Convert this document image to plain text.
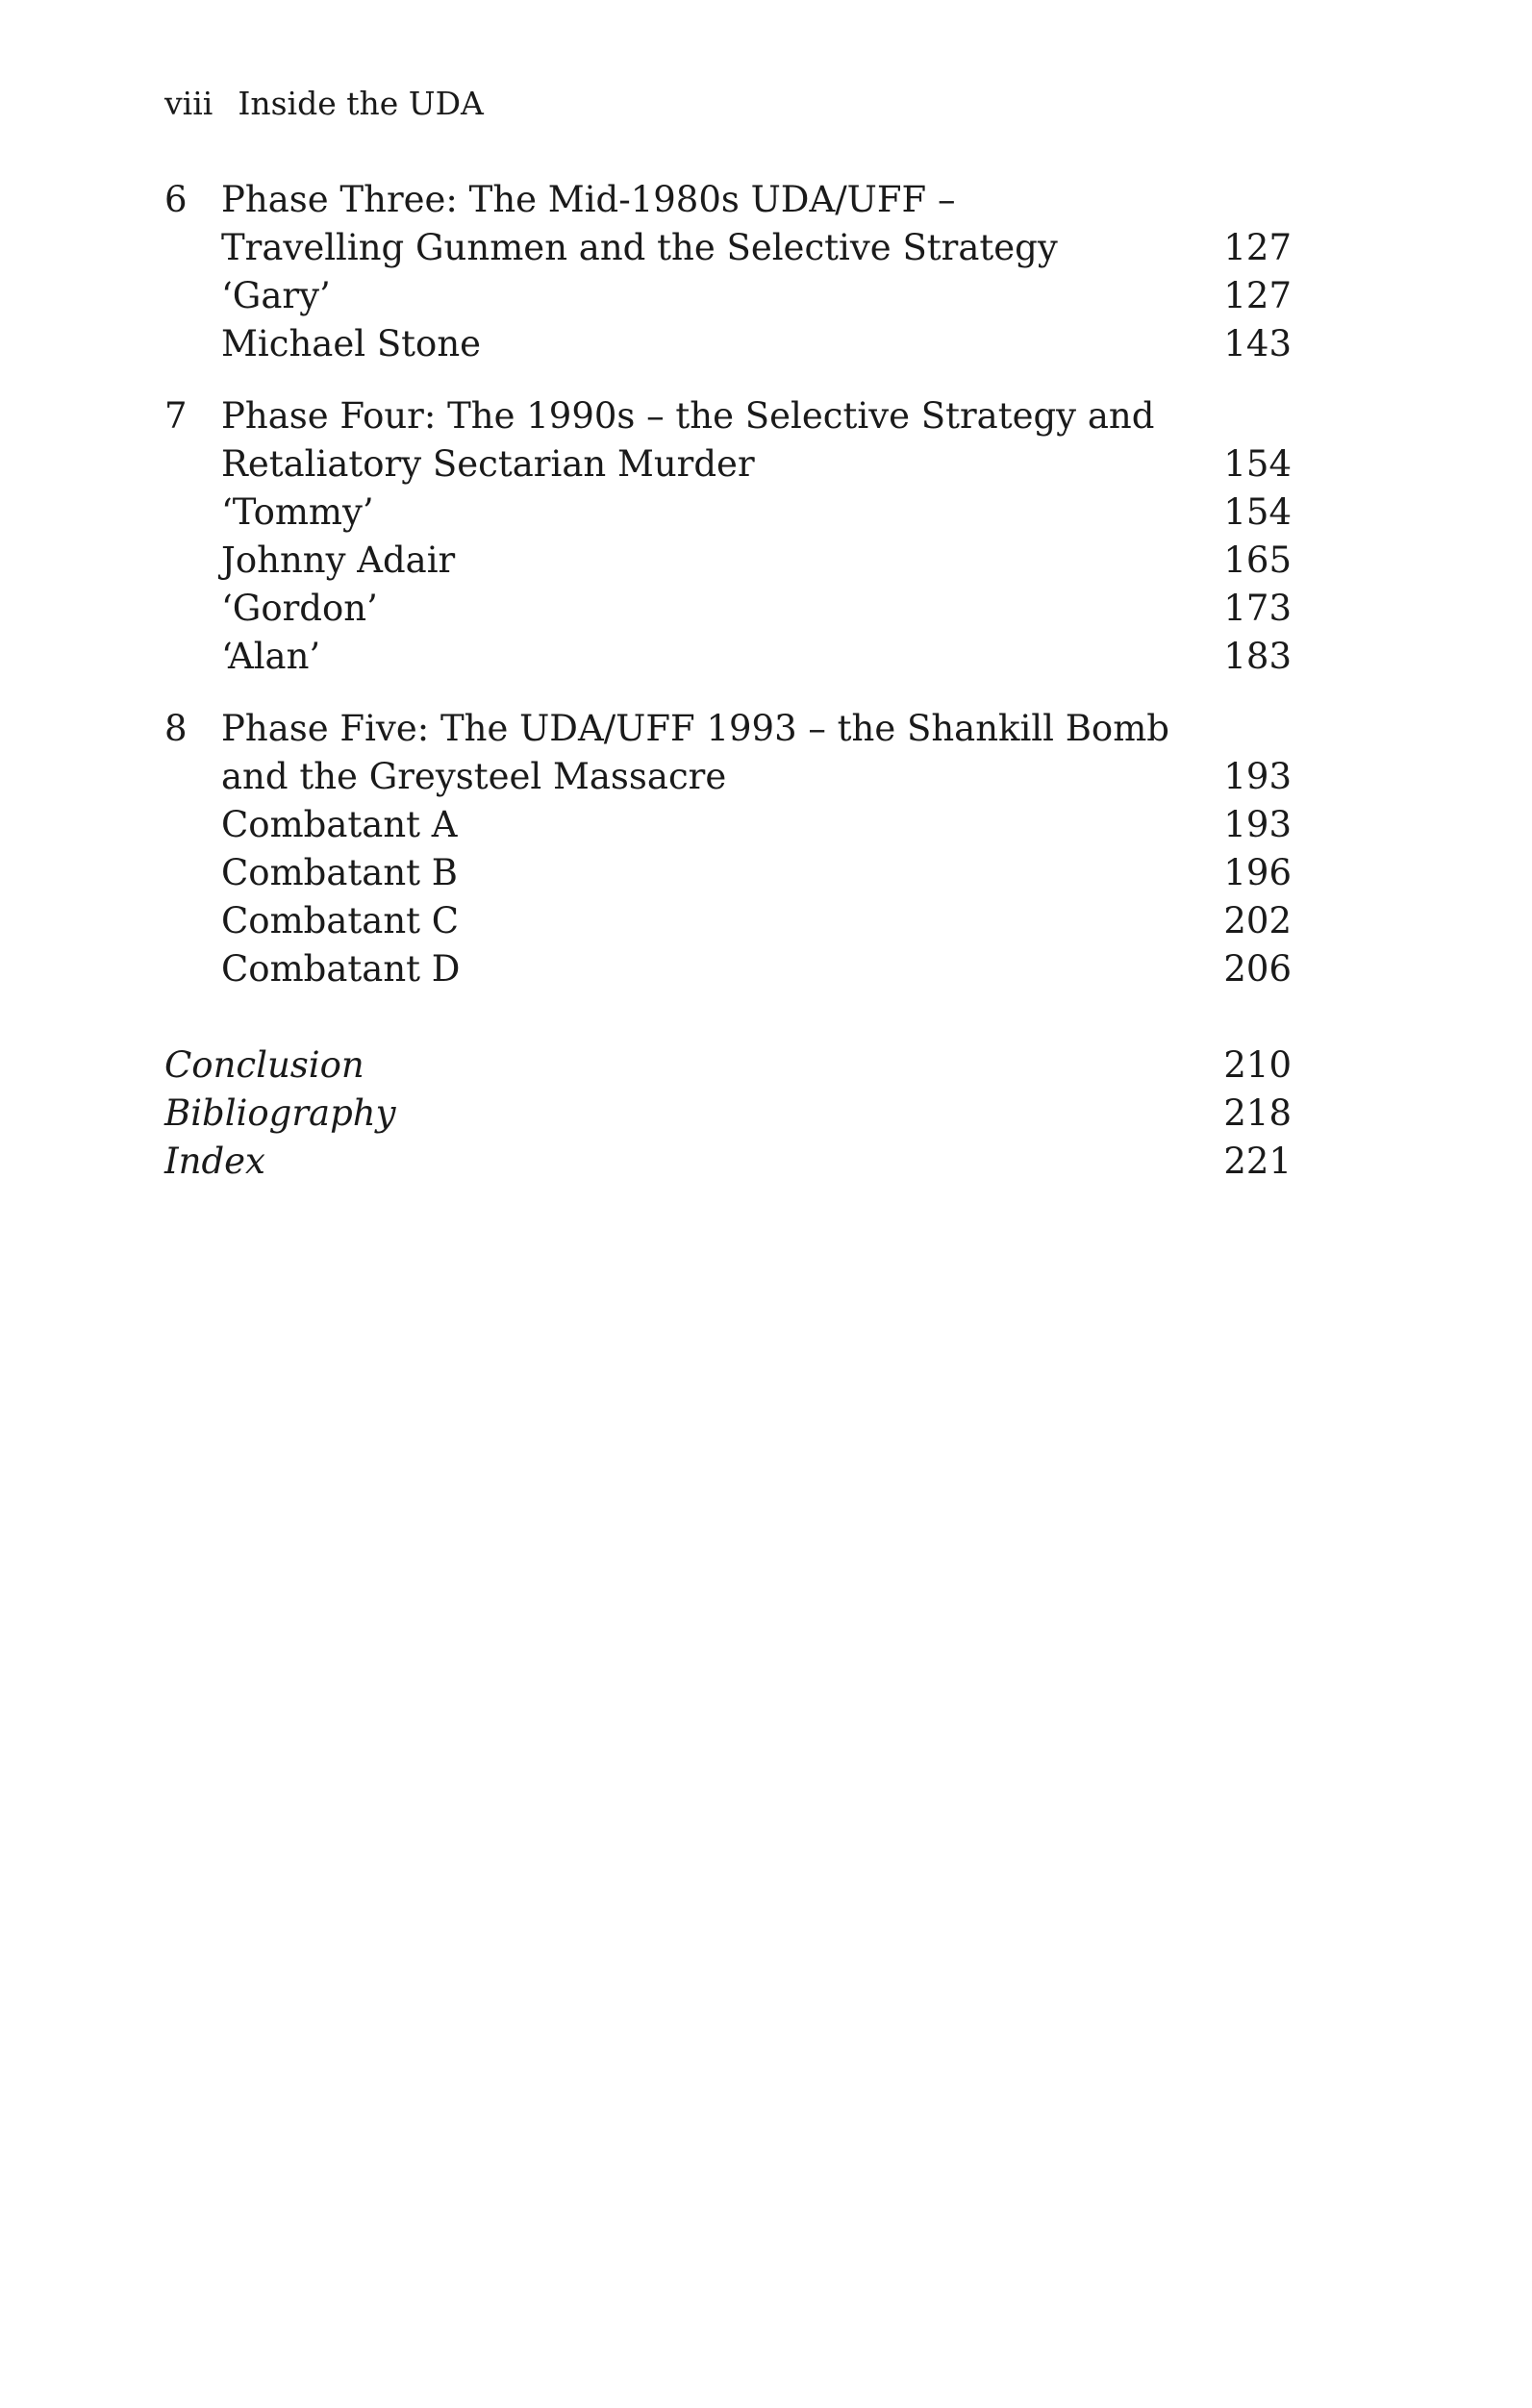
viii Inside the UDA
6 Phase Three: The Mid-1980s UDA/UFF –
Travelling Gunmen and the Selective Strategy	127
‘Gary’	127
Michael Stone	143
7 Phase Four: The 1990s – the Selective Strategy and
Retaliatory Sectarian Murder	154
‘Tommy’	154
Johnny Adair	165
‘Gordon’	173
‘Alan’	183
8 Phase Five: The UDA/UFF 1993 – the Shankill Bomb
and the Greysteel Massacre	193
Combatant A	193
Combatant B	196
Combatant C	202
Combatant D	206
Conclusion	210
Bibliography	218
Index	221
